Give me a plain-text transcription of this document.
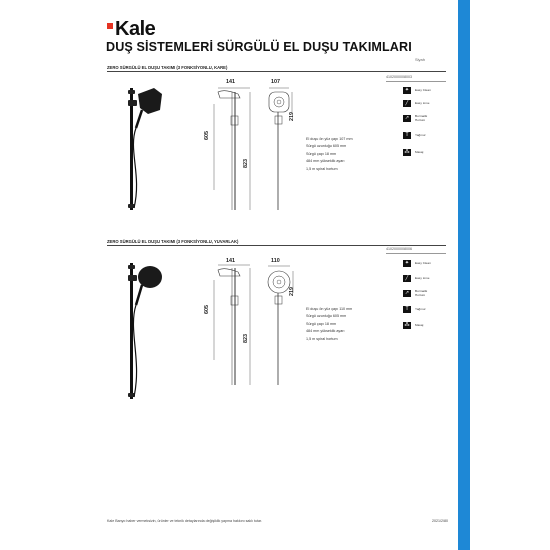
Kale
DUŞ SİSTEMLERİ SÜRGÜLÜ EL DUŞU TAKIMLARI
Siyah
ZERO SÜRGÜLÜ EL DUŞU TAKIMI (3 FONKSİYONLU, KARE)
4102000008003
141
605
823
107
219
El duşu ön yüz çapı 107 mm
Sürgü uzunluğu 605 mm
Sürgü çapı 18 mm
484 mm yükseklik ayarı
1,5 m spiral hortum
✦	Easy Clean
╱	Easy Lime
↗	Bormatik Hortum
T	Yağmur
⁂	Masaj
ZERO SÜRGÜLÜ EL DUŞU TAKIMI (3 FONKSİYONLU, YUVARLAK)
4102000008006
141
605
823
110
219
El duşu ön yüz çapı 110 mm
Sürgü uzunluğu 605 mm
Sürgü çapı 18 mm
484 mm yükseklik ayarı
1,5 m spiral hortum
✦	Easy Clean
╱	Easy Lime
↗	Bormatik Hortum
T	Yağmur
⁂	Masaj
Kale Banyo haber vermeksizin, ürünler ve teknik detaylarında değişiklik yapma hakkını saklı tutar.	2021/2/80
